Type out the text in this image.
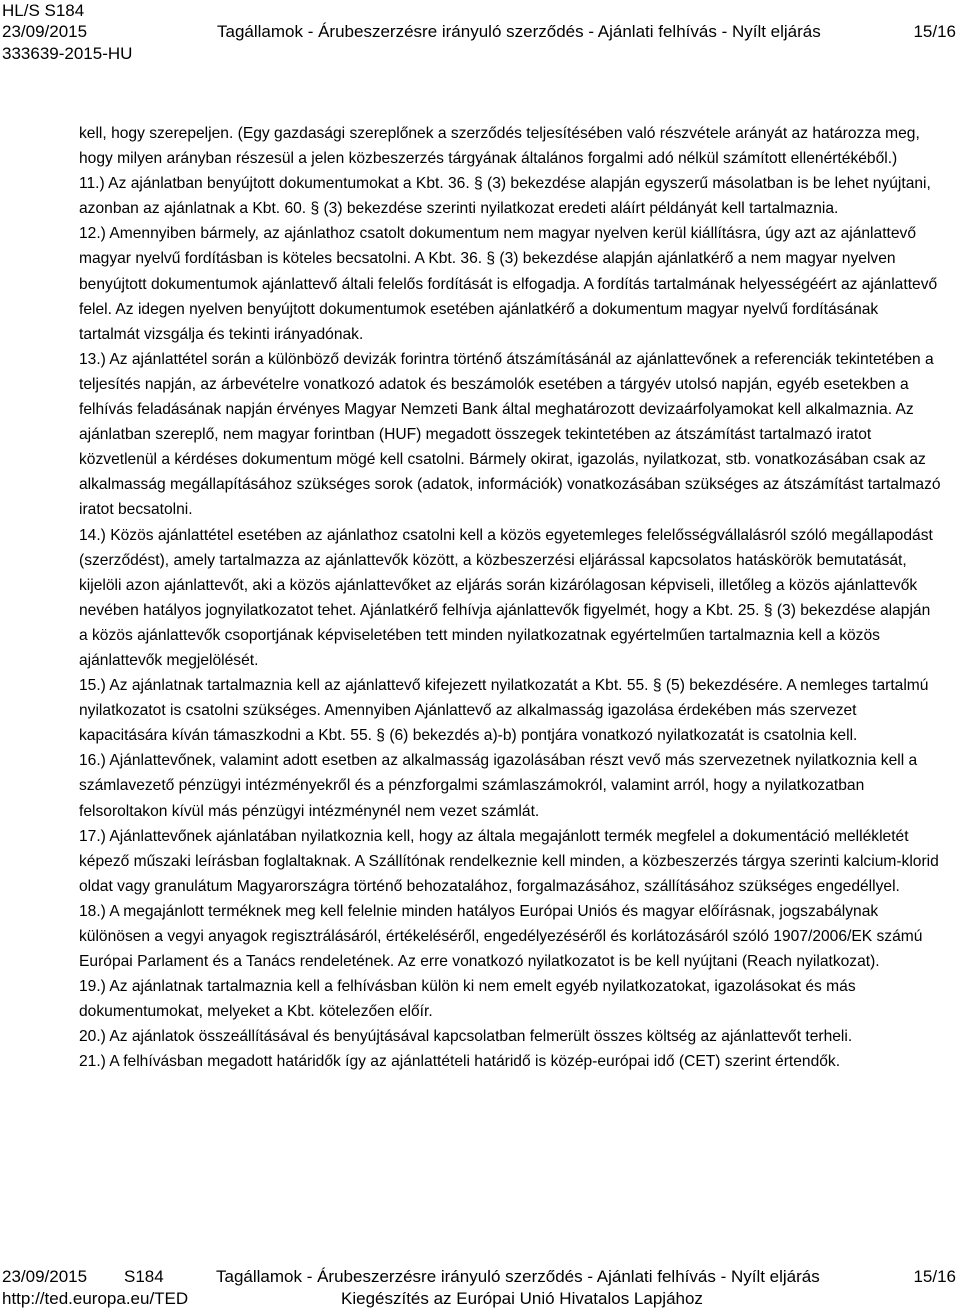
HL/S S184
23/09/2015	Tagállamok - Árubeszerzésre irányuló szerződés - Ajánlati felhívás - Nyílt eljárás	15/16
333639-2015-HU

kell, hogy szerepeljen. (Egy gazdasági szereplőnek a szerződés teljesítésében való részvétele arányát az határozza meg, hogy milyen arányban részesül a jelen közbeszerzés tárgyának általános forgalmi adó nélkül számított ellenértékéből.)

11.) Az ajánlatban benyújtott dokumentumokat a Kbt. 36. § (3) bekezdése alapján egyszerű másolatban is be lehet nyújtani, azonban az ajánlatnak a Kbt. 60. § (3) bekezdése szerinti nyilatkozat eredeti aláírt példányát kell tartalmaznia.

12.) Amennyiben bármely, az ajánlathoz csatolt dokumentum nem magyar nyelven kerül kiállításra, úgy azt az ajánlattevő magyar nyelvű fordításban is köteles becsatolni. A Kbt. 36. § (3) bekezdése alapján ajánlatkérő a nem magyar nyelven benyújtott dokumentumok ajánlattevő általi felelős fordítását is elfogadja. A fordítás tartalmának helyességéért az ajánlattevő felel. Az idegen nyelven benyújtott dokumentumok esetében ajánlatkérő a dokumentum magyar nyelvű fordításának tartalmát vizsgálja és tekinti irányadónak.

13.) Az ajánlattétel során a különböző devizák forintra történő átszámításánál az ajánlattevőnek a referenciák tekintetében a teljesítés napján, az árbevételre vonatkozó adatok és beszámolók esetében a tárgyév utolsó napján, egyéb esetekben a felhívás feladásának napján érvényes Magyar Nemzeti Bank által meghatározott devizaárfolyamokat kell alkalmaznia. Az ajánlatban szereplő, nem magyar forintban (HUF) megadott összegek tekintetében az átszámítást tartalmazó iratot közvetlenül a kérdéses dokumentum mögé kell csatolni. Bármely okirat, igazolás, nyilatkozat, stb. vonatkozásában csak az alkalmasság megállapításához szükséges sorok (adatok, információk) vonatkozásában szükséges az átszámítást tartalmazó iratot becsatolni.

14.) Közös ajánlattétel esetében az ajánlathoz csatolni kell a közös egyetemleges felelősségvállalásról szóló megállapodást (szerződést), amely tartalmazza az ajánlattevők között, a közbeszerzési eljárással kapcsolatos hatáskörök bemutatását, kijelöli azon ajánlattevőt, aki a közös ajánlattevőket az eljárás során kizárólagosan képviseli, illetőleg a közös ajánlattevők nevében hatályos jognyilatkozatot tehet. Ajánlatkérő felhívja ajánlattevők figyelmét, hogy a Kbt. 25. § (3) bekezdése alapján a közös ajánlattevők csoportjának képviseletében tett minden nyilatkozatnak egyértelműen tartalmaznia kell a közös ajánlattevők megjelölését.

15.) Az ajánlatnak tartalmaznia kell az ajánlattevő kifejezett nyilatkozatát a Kbt. 55. § (5) bekezdésére. A nemleges tartalmú nyilatkozatot is csatolni szükséges. Amennyiben Ajánlattevő az alkalmasság igazolása érdekében más szervezet kapacitására kíván támaszkodni a Kbt. 55. § (6) bekezdés a)-b) pontjára vonatkozó nyilatkozatát is csatolnia kell.

16.) Ajánlattevőnek, valamint adott esetben az alkalmasság igazolásában részt vevő más szervezetnek nyilatkoznia kell a számlavezető pénzügyi intézményekről és a pénzforgalmi számlaszámokról, valamint arról, hogy a nyilatkozatban felsoroltakon kívül más pénzügyi intézménynél nem vezet számlát.

17.) Ajánlattevőnek ajánlatában nyilatkoznia kell, hogy az általa megajánlott termék megfelel a dokumentáció mellékletét képező műszaki leírásban foglaltaknak. A Szállítónak rendelkeznie kell minden, a közbeszerzés tárgya szerinti kalcium-klorid oldat vagy granulátum Magyarországra történő behozatalához, forgalmazásához, szállításához szükséges engedéllyel.

18.) A megajánlott terméknek meg kell felelnie minden hatályos Európai Uniós és magyar előírásnak, jogszabálynak különösen a vegyi anyagok regisztrálásáról, értékeléséről, engedélyezéséről és korlátozásáról szóló 1907/2006/EK számú Európai Parlament és a Tanács rendeletének. Az erre vonatkozó nyilatkozatot is be kell nyújtani (Reach nyilatkozat).

19.) Az ajánlatnak tartalmaznia kell a felhívásban külön ki nem emelt egyéb nyilatkozatokat, igazolásokat és más dokumentumokat, melyeket a Kbt. kötelezően előír.

20.) Az ajánlatok összeállításával és benyújtásával kapcsolatban felmerült összes költség az ajánlattevőt terheli.

21.) A felhívásban megadott határidők így az ajánlattételi határidő is közép-európai idő (CET) szerint értendők.

23/09/2015 S184	Tagállamok - Árubeszerzésre irányuló szerződés - Ajánlati felhívás - Nyílt eljárás	15/16
http://ted.europa.eu/TED	Kiegészítés az Európai Unió Hivatalos Lapjához
